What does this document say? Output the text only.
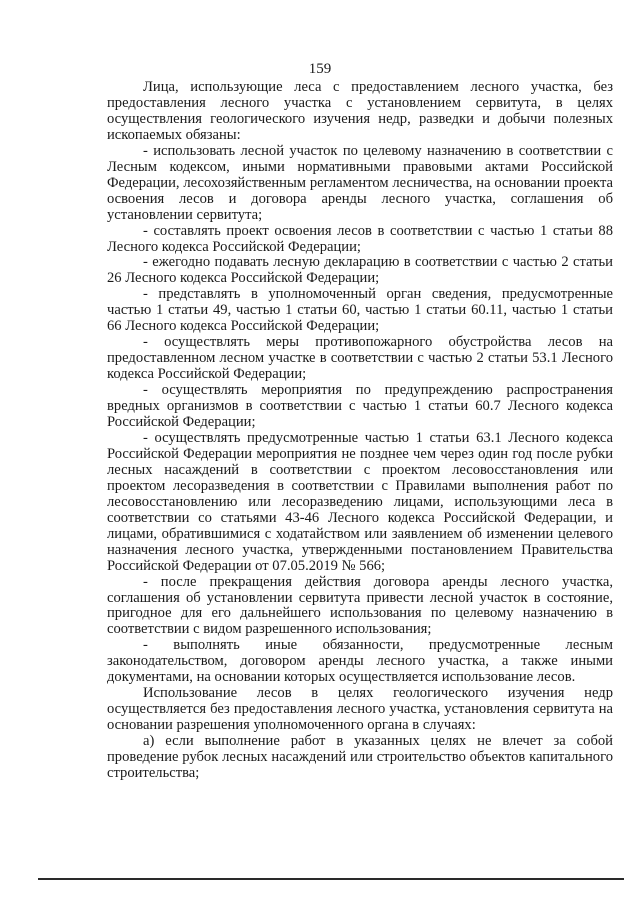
159

Лица, использующие леса с предоставлением лесного участка, без предоставления лесного участка с установлением сервитута, в целях осуществления геологического изучения недр, разведки и добычи полезных ископаемых обязаны:

- использовать лесной участок по целевому назначению в соответствии с Лесным кодексом, иными нормативными правовыми актами Российской Федерации, лесохозяйственным регламентом лесничества, на основании проекта освоения лесов и договора аренды лесного участка, соглашения об установлении сервитута;

- составлять проект освоения лесов в соответствии с частью 1 статьи 88 Лесного кодекса Российской Федерации;

- ежегодно подавать лесную декларацию в соответствии с частью 2 статьи 26 Лесного кодекса Российской Федерации;

- представлять в уполномоченный орган сведения, предусмотренные частью 1 статьи 49, частью 1 статьи 60, частью 1 статьи 60.11, частью 1 статьи 66 Лесного кодекса Российской Федерации;

- осуществлять меры противопожарного обустройства лесов на предоставленном лесном участке в соответствии с частью 2 статьи 53.1 Лесного кодекса Российской Федерации;

- осуществлять мероприятия по предупреждению распространения вредных организмов в соответствии с частью 1 статьи 60.7 Лесного кодекса Российской Федерации;

- осуществлять предусмотренные частью 1 статьи 63.1 Лесного кодекса Российской Федерации мероприятия не позднее чем через один год после рубки лесных насаждений в соответствии с проектом лесовосстановления или проектом лесоразведения в соответствии с Правилами выполнения работ по лесовосстановлению или лесоразведению лицами, использующими леса в соответствии со статьями 43-46 Лесного кодекса Российской Федерации, и лицами, обратившимися с ходатайством или заявлением об изменении целевого назначения лесного участка, утвержденными постановлением Правительства Российской Федерации от 07.05.2019 № 566;

- после прекращения действия договора аренды лесного участка, соглашения об установлении сервитута привести лесной участок в состояние, пригодное для его дальнейшего использования по целевому назначению в соответствии с видом разрешенного использования;

- выполнять иные обязанности, предусмотренные лесным законодательством, договором аренды лесного участка, а также иными документами, на основании которых осуществляется использование лесов.

Использование лесов в целях геологического изучения недр осуществляется без предоставления лесного участка, установления сервитута на основании разрешения уполномоченного органа в случаях:

а) если выполнение работ в указанных целях не влечет за собой проведение рубок лесных насаждений или строительство объектов капитального строительства;
